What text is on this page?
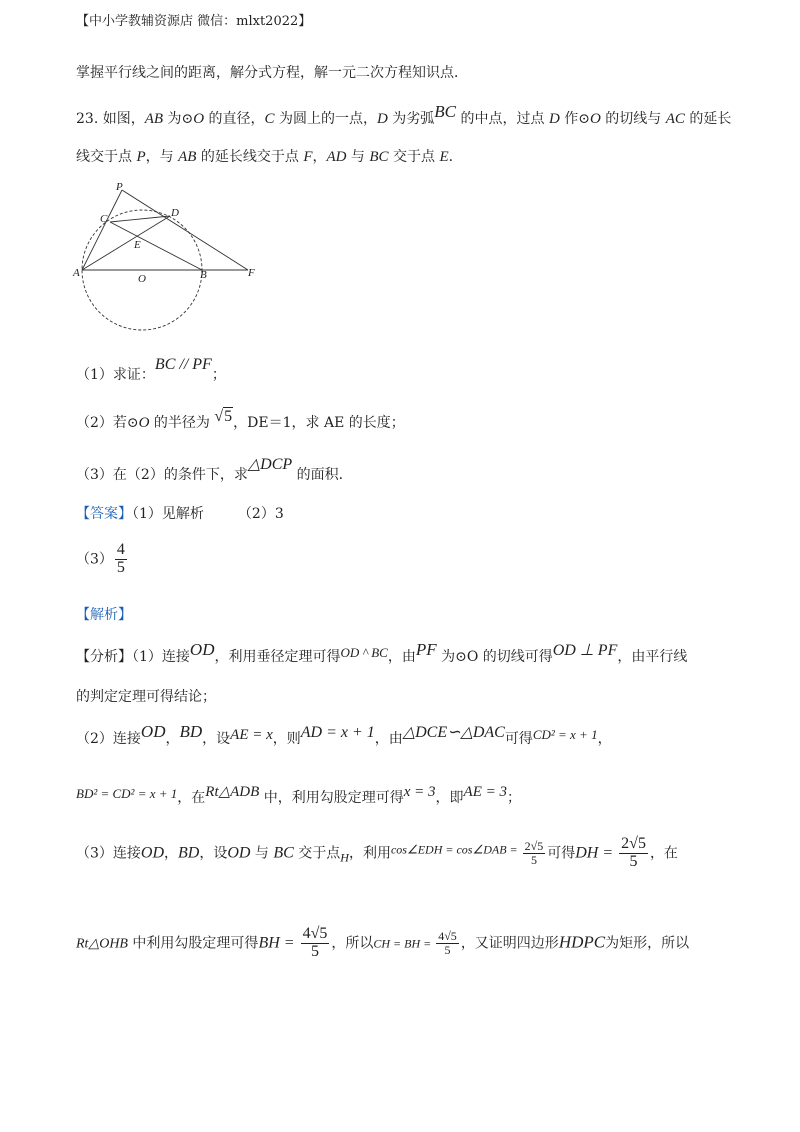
【中小学教辅资源店 微信：mlxt2022】
掌握平行线之间的距离，解分式方程，解一元二次方程知识点．
23. 如图，AB 为⊙O 的直径，C 为圆上的一点，D 为劣弧BC 的中点，过点 D 作⊙O 的切线与 AC 的延长
线交于点 P，与 AB 的延长线交于点 F，AD 与 BC 交于点 E．
P
C	D
E
A	O	B	F
（1）求证：BC // PF；
（2）若⊙O 的半径为 √5，DE＝1，求 AE 的长度；
（3）在（2）的条件下，求△DCP 的面积．
【答案】（1）见解析 （2）3
$(3) \frac{4}{5}$
【解析】
【分析】（1）连接OD，利用垂径定理可得OD ^ BC，由PF 为⊙O 的切线可得OD ⊥ PF，由平行线
的判定定理可得结论；
（2）连接OD，BD，设AE = x，则AD = x + 1，由△DCE∽△DAC可得CD² = x + 1，
BD² = CD² = x + 1，在Rt△ADB 中，利用勾股定理可得x = 3，即AE = 3；
（3）连接OD，BD，设OD 与 BC 交于点H，利用cos∠EDH = cos∠DAB = $\frac{2√5}{5}$ 可得DH = $\frac{2√5}{5}$ ，在
Rt△OHB 中利用勾股定理可得BH = $\frac{4√5}{5}$ ，所以CH = BH = $\frac{4√5}{5}$ ，又证明四边形HDPC为矩形，所以
